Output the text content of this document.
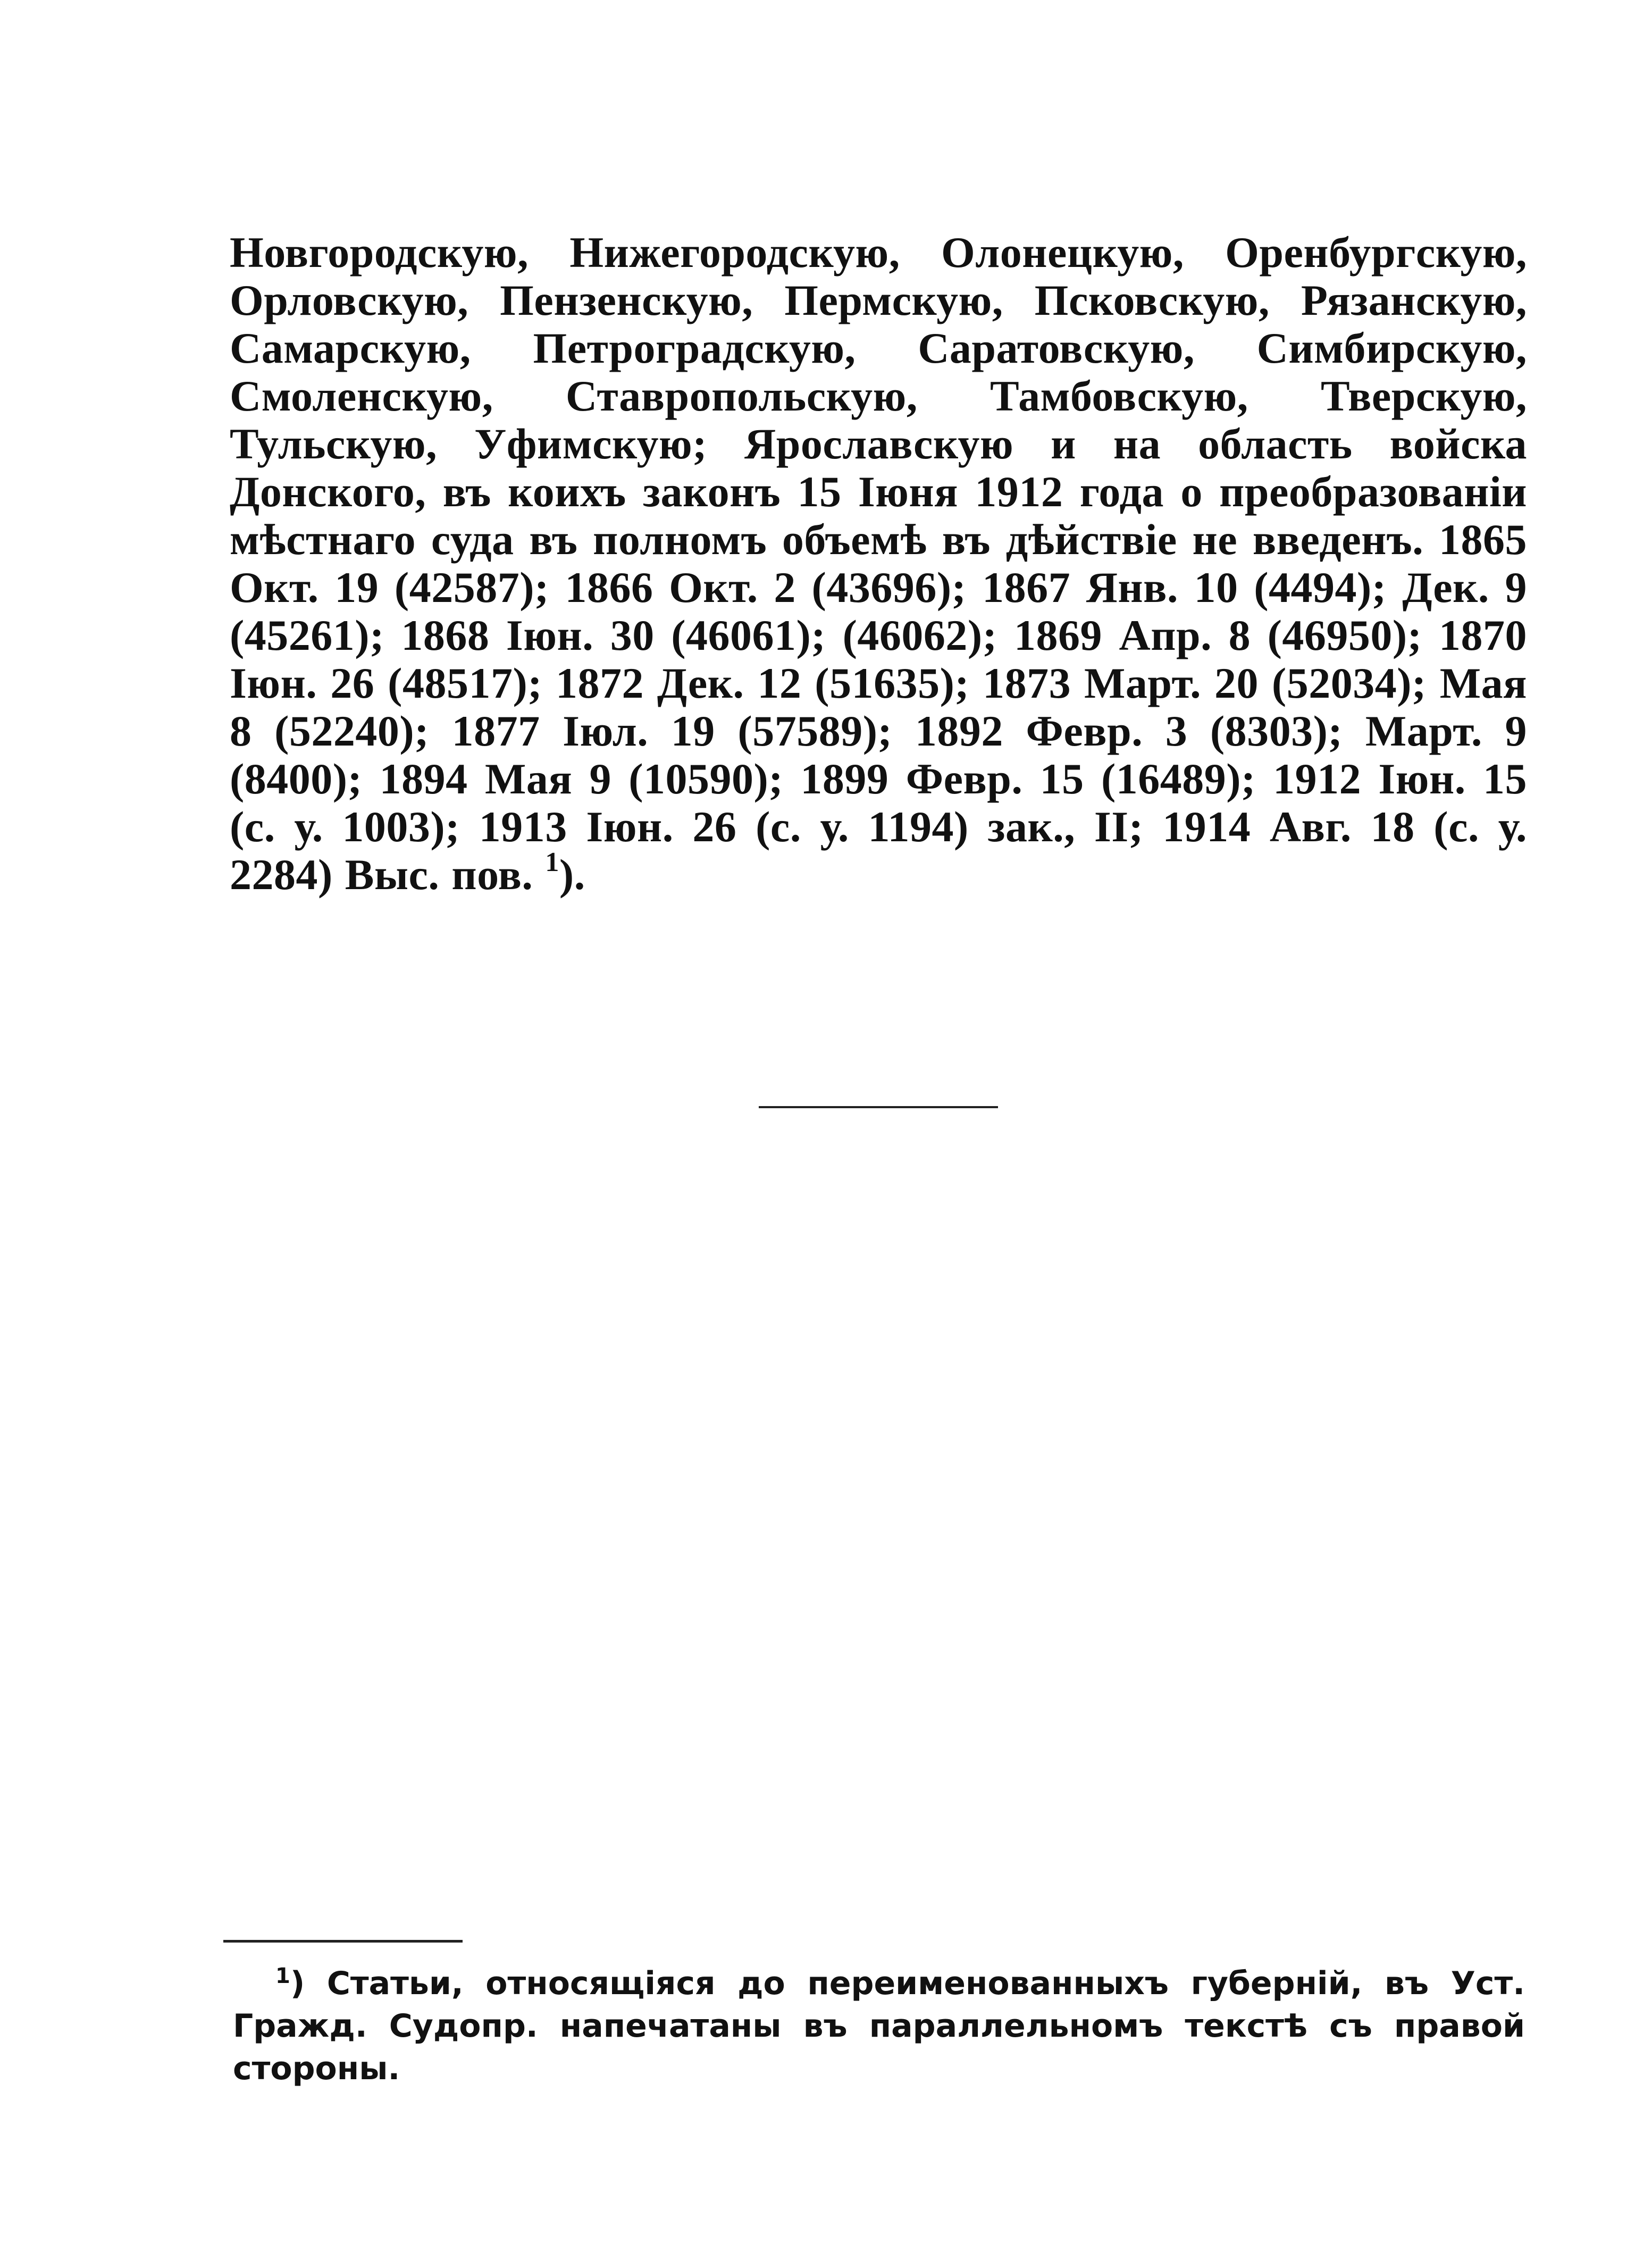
Новгородскую, Нижегородскую, Олонецкую, Оренбургскую, Орловскую, Пензенскую, Пермскую, Псковскую, Рязанскую, Самарскую, Петроградскую, Саратовскую, Симбирскую, Смоленскую, Ставропольскую, Тамбовскую, Тверскую, Тульскую, Уфимскую; Ярославскую и на область войска Донского, въ коихъ законъ 15 Іюня 1912 года о преобразованіи мѣстнаго суда въ полномъ объемѣ въ дѣйствіе не введенъ. 1865 Окт. 19 (42587); 1866 Окт. 2 (43696); 1867 Янв. 10 (4494); Дек. 9 (45261); 1868 Іюн. 30 (46061); (46062); 1869 Апр. 8 (46950); 1870 Іюн. 26 (48517); 1872 Дек. 12 (51635); 1873 Март. 20 (52034); Мая 8 (52240); 1877 Іюл. 19 (57589); 1892 Февр. 3 (8303); Март. 9 (8400); 1894 Мая 9 (10590); 1899 Февр. 15 (16489); 1912 Іюн. 15 (с. у. 1003); 1913 Іюн. 26 (с. у. 1194) зак., II; 1914 Авг. 18 (с. у. 2284) Выс. пов. $^1$).

$^1$) Статьи, относящіяся до переименованныхъ губерній, въ Уст. Гражд. Судопр. напечатаны въ параллельномъ текстѣ съ правой стороны.
